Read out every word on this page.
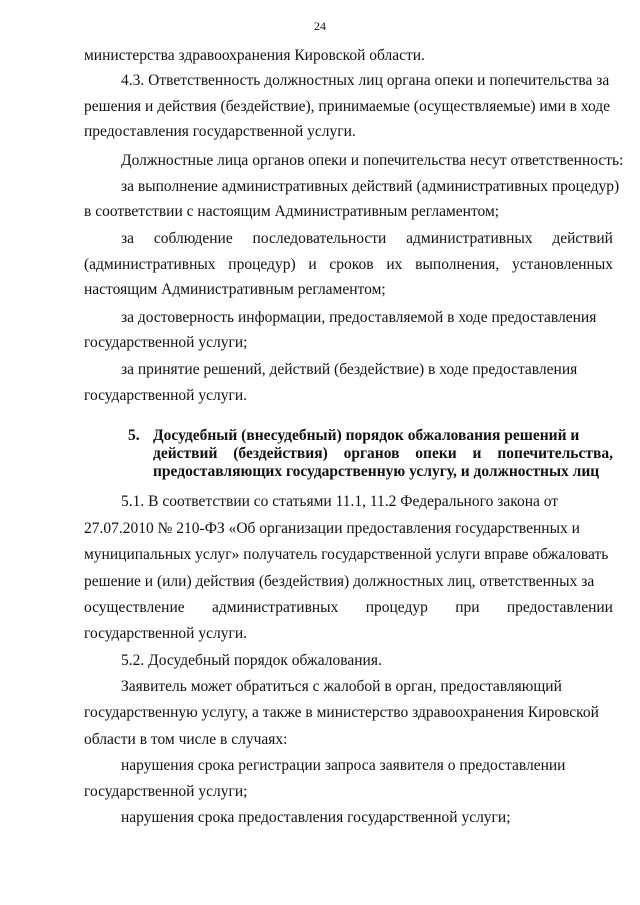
24
министерства здравоохранения Кировской области.
4.3. Ответственность должностных лиц органа опеки и попечительства за
решения и действия (бездействие), принимаемые (осуществляемые) ими в ходе
предоставления государственной услуги.
Должностные лица органов опеки и попечительства несут ответственность:
за выполнение административных действий (административных процедур)
в соответствии с настоящим Административным регламентом;
за соблюдение последовательности административных действий
(административных процедур) и сроков их выполнения, установленных
настоящим Административным регламентом;
за достоверность информации, предоставляемой в ходе предоставления
государственной услуги;
за принятие решений, действий (бездействие) в ходе предоставления
государственной услуги.
5. Досудебный (внесудебный) порядок обжалования решений и
действий (бездействия) органов опеки и попечительства,
предоставляющих государственную услугу, и должностных лиц
5.1. В соответствии со статьями 11.1, 11.2 Федерального закона от
27.07.2010 № 210-ФЗ «Об организации предоставления государственных и
муниципальных услуг» получатель государственной услуги вправе обжаловать
решение и (или) действия (бездействия) должностных лиц, ответственных за
осуществление административных процедур при предоставлении
государственной услуги.
5.2. Досудебный порядок обжалования.
Заявитель может обратиться с жалобой в орган, предоставляющий
государственную услугу, а также в министерство здравоохранения Кировской
области в том числе в случаях:
нарушения срока регистрации запроса заявителя о предоставлении
государственной услуги;
нарушения срока предоставления государственной услуги;
